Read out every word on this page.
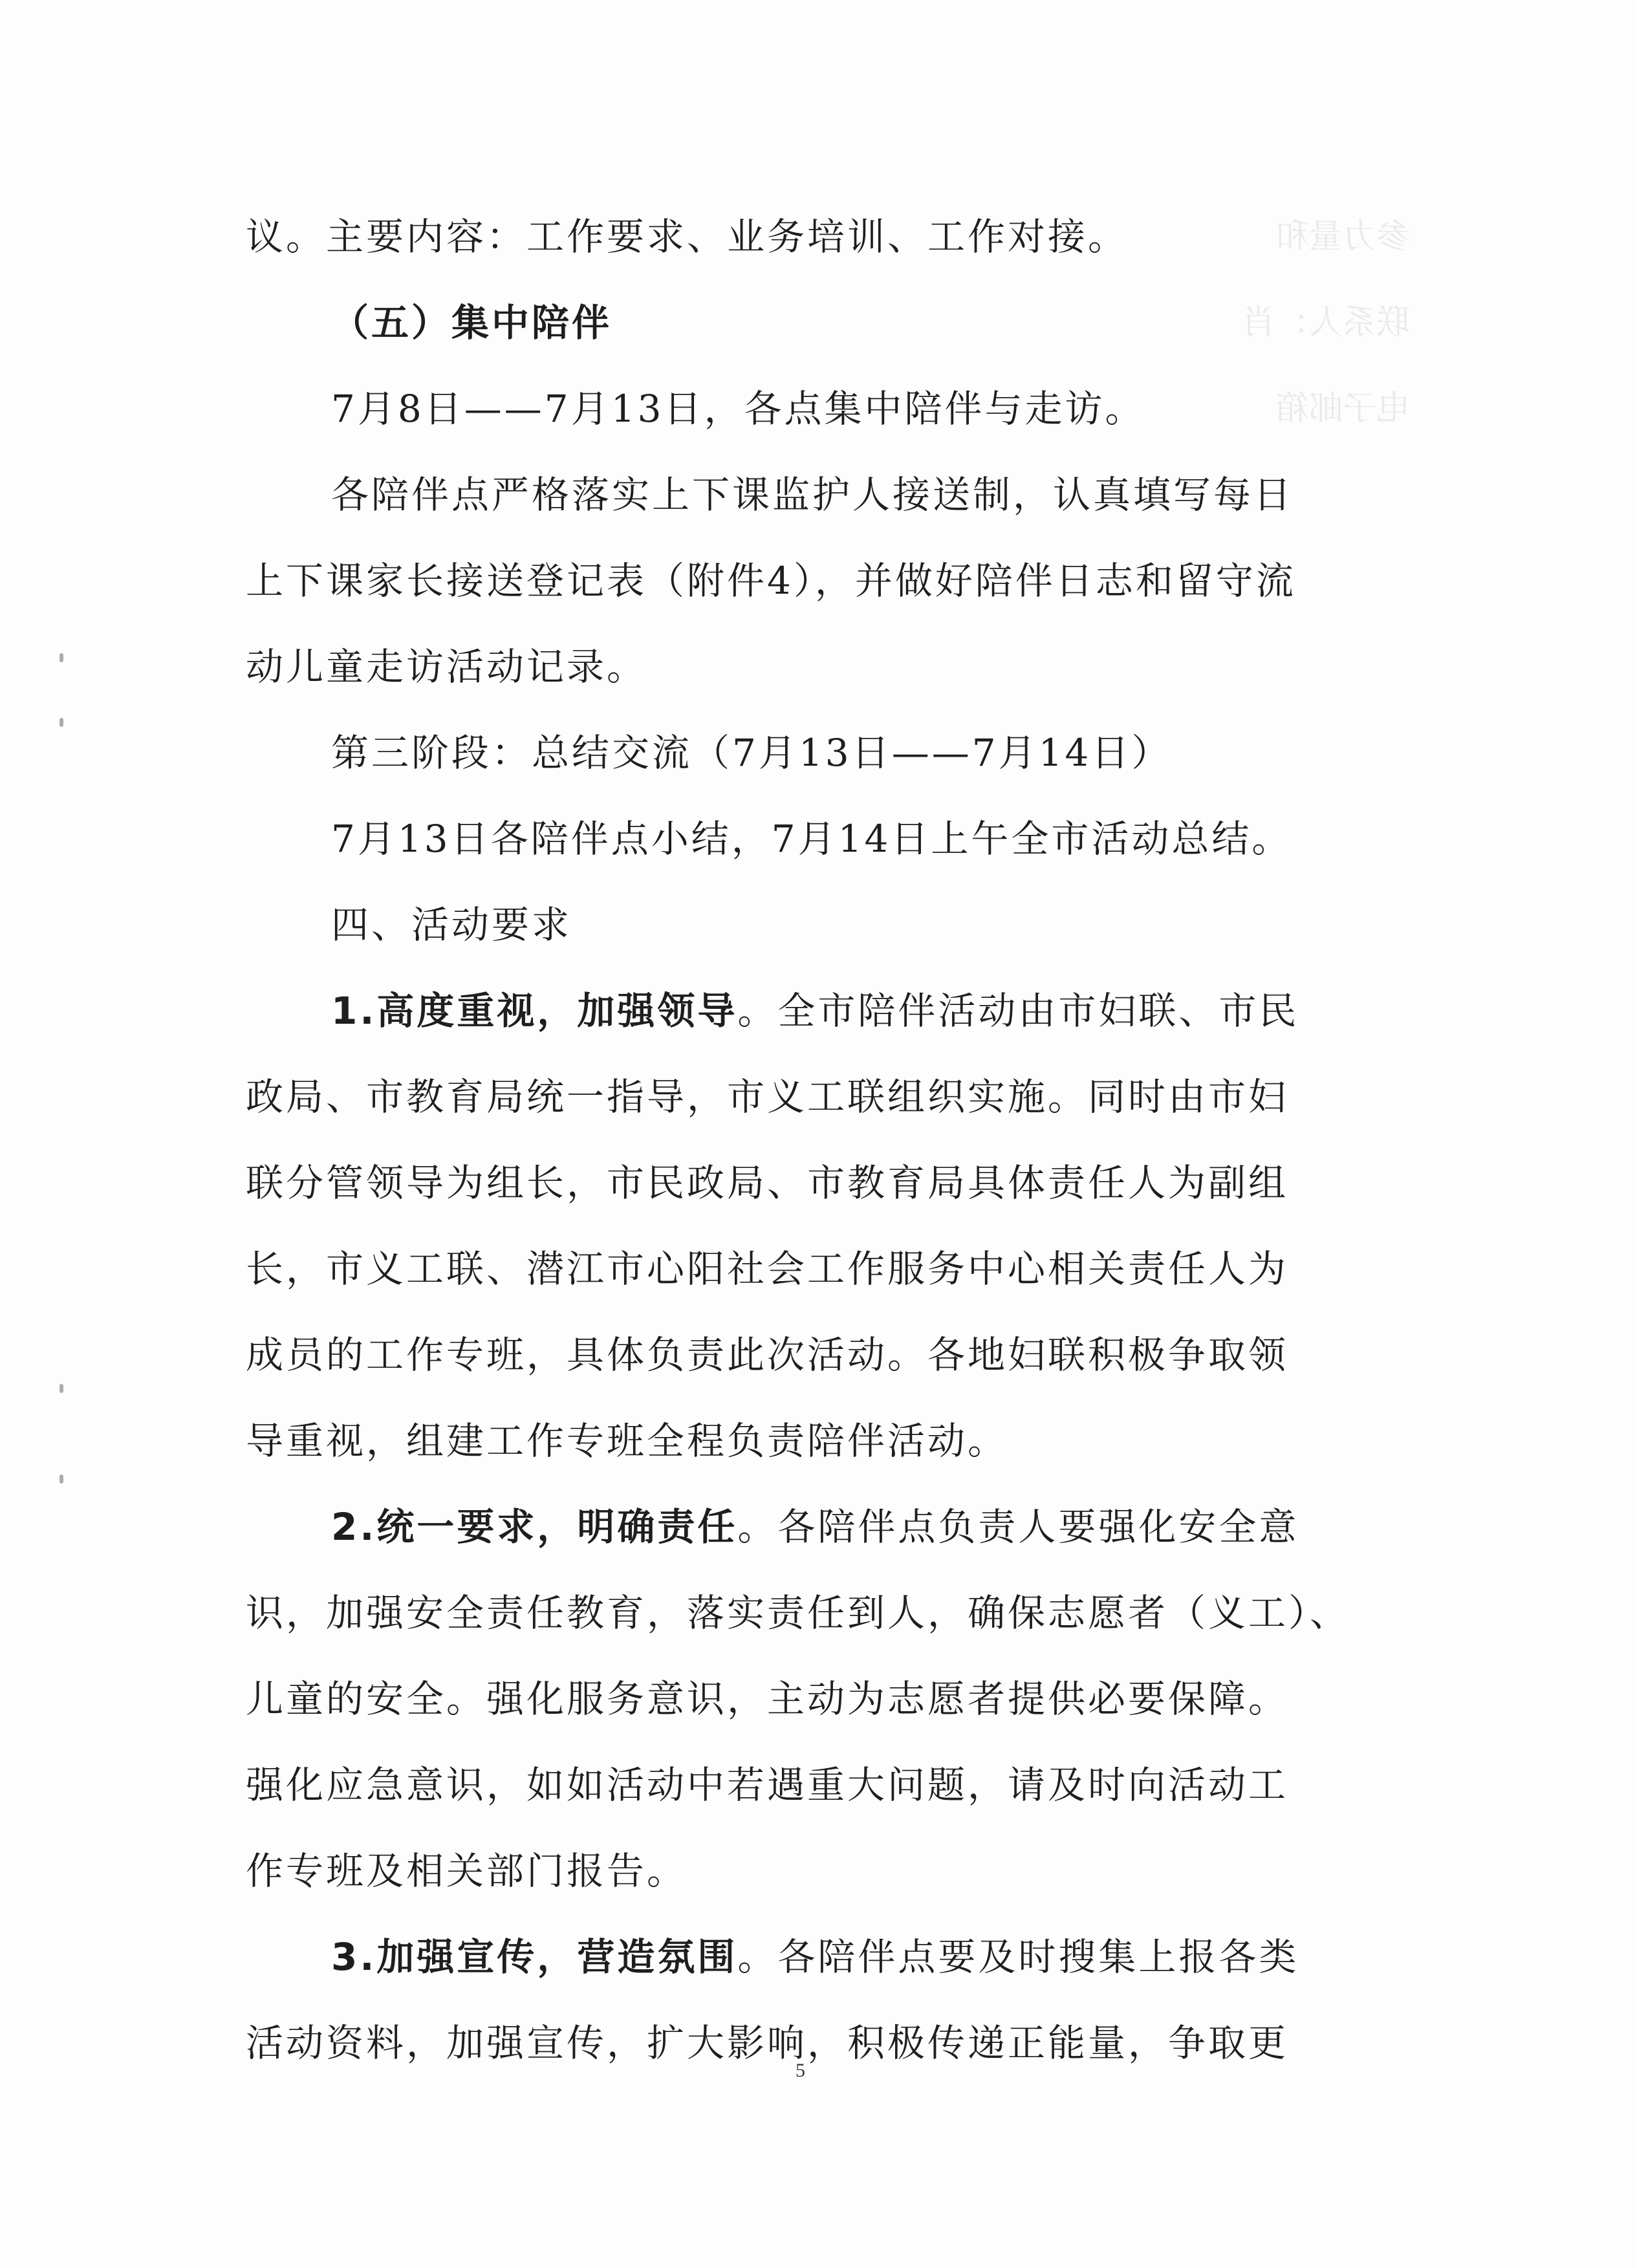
参力量和
联系人：肖
电子邮箱
议。主要内容：工作要求、业务培训、工作对接。
（五）集中陪伴
7月8日——7月13日，各点集中陪伴与走访。
各陪伴点严格落实上下课监护人接送制，认真填写每日
上下课家长接送登记表（附件4），并做好陪伴日志和留守流
动儿童走访活动记录。
第三阶段：总结交流（7月13日——7月14日）
7月13日各陪伴点小结，7月14日上午全市活动总结。
四、活动要求
1.高度重视，加强领导。全市陪伴活动由市妇联、市民
政局、市教育局统一指导，市义工联组织实施。同时由市妇
联分管领导为组长，市民政局、市教育局具体责任人为副组
长，市义工联、潜江市心阳社会工作服务中心相关责任人为
成员的工作专班，具体负责此次活动。各地妇联积极争取领
导重视，组建工作专班全程负责陪伴活动。
2.统一要求，明确责任。各陪伴点负责人要强化安全意
识，加强安全责任教育，落实责任到人，确保志愿者（义工）、
儿童的安全。强化服务意识，主动为志愿者提供必要保障。
强化应急意识，如如活动中若遇重大问题，请及时向活动工
作专班及相关部门报告。
3.加强宣传，营造氛围。各陪伴点要及时搜集上报各类
活动资料，加强宣传，扩大影响，积极传递正能量，争取更
5
